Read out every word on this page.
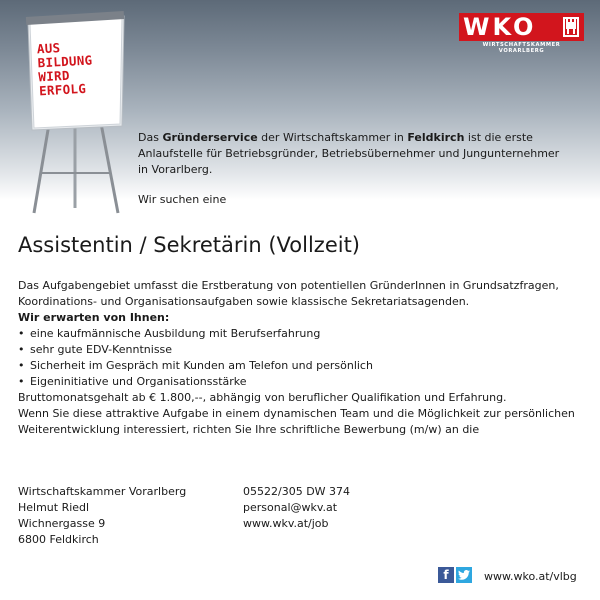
AUS
BILDUNG
WIRD
ERFOLG
WKO
WIRTSCHAFTSKAMMER VORARLBERG

Das Gründerservice der Wirtschaftskammer in Feldkirch ist die erste

Anlaufstelle für Betriebsgründer, Betriebsübernehmer und Jungunternehmer

in Vorarlberg.

Wir suchen eine

Assistentin / Sekretärin (Vollzeit)

Das Aufgabengebiet umfasst die Erstberatung von potentiellen GründerInnen in Grundsatzfragen,

Koordinations- und Organisationsaufgaben sowie klassische Sekretariatsagenden.

Wir erwarten von Ihnen:

• eine kaufmännische Ausbildung mit Berufserfahrung
• sehr gute EDV-Kenntnisse
• Sicherheit im Gespräch mit Kunden am Telefon und persönlich
• Eigeninitiative und Organisationsstärke

Bruttomonatsgehalt ab € 1.800,--, abhängig von beruflicher Qualifikation und Erfahrung.

Wenn Sie diese attraktive Aufgabe in einem dynamischen Team und die Möglichkeit zur persönlichen

Weiterentwicklung interessiert, richten Sie Ihre schriftliche Bewerbung (m/w) an die

Wirtschaftskammer Vorarlberg

Helmut Riedl

Wichnergasse 9

6800 Feldkirch

05522/305 DW 374

personal@wkv.at

www.wkv.at/job

f	www.wko.at/vlbg
